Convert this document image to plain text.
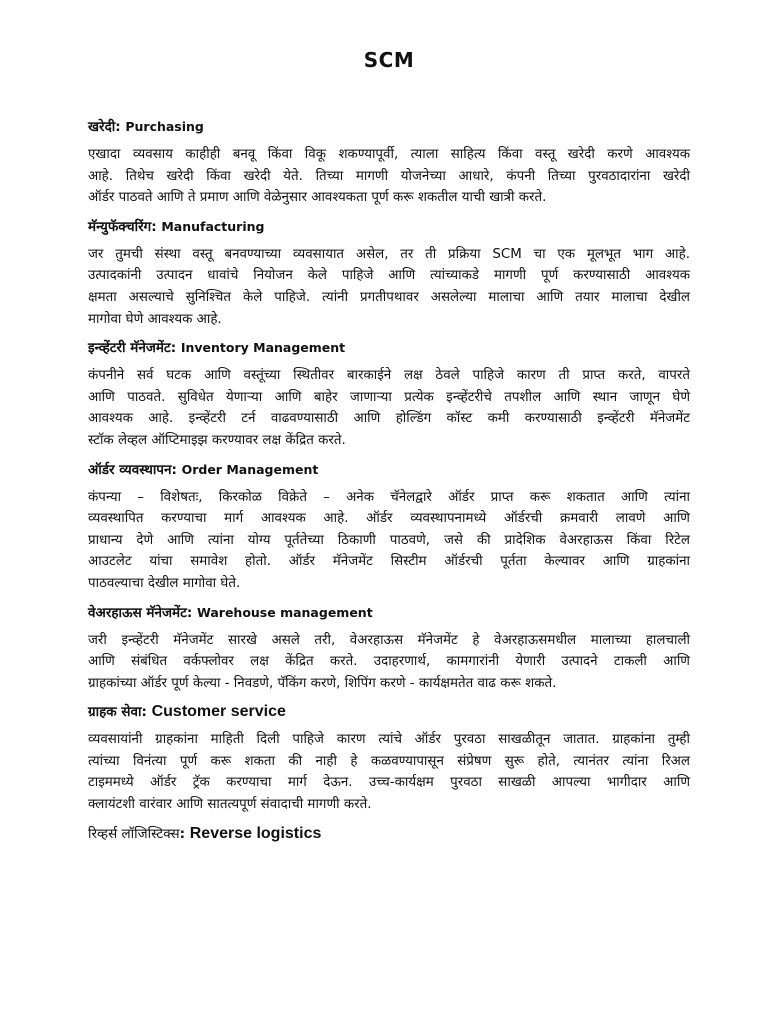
SCM
खरेदी: Purchasing
एखादा व्यवसाय काहीही बनवू किंवा विकू शकण्यापूर्वी, त्याला साहित्य किंवा वस्तू खरेदी करणे आवश्यक
आहे. तिथेच खरेदी किंवा खरेदी येते. तिच्या मागणी योजनेच्या आधारे, कंपनी तिच्या पुरवठादारांना खरेदी
ऑर्डर पाठवते आणि ते प्रमाण आणि वेळेनुसार आवश्यकता पूर्ण करू शकतील याची खात्री करते.
मॅन्युफॅक्चरिंग: Manufacturing
जर तुमची संस्था वस्तू बनवण्याच्या व्यवसायात असेल, तर ती प्रक्रिया SCM चा एक मूलभूत भाग आहे.
उत्पादकांनी उत्पादन धावांचे नियोजन केले पाहिजे आणि त्यांच्याकडे मागणी पूर्ण करण्यासाठी आवश्यक
क्षमता असल्याचे सुनिश्चित केले पाहिजे. त्यांनी प्रगतीपथावर असलेल्या मालाचा आणि तयार मालाचा देखील
मागोवा घेणे आवश्यक आहे.
इन्व्हेंटरी मॅनेजमेंट: Inventory Management
कंपनीने सर्व घटक आणि वस्तूंच्या स्थितीवर बारकाईने लक्ष ठेवले पाहिजे कारण ती प्राप्त करते, वापरते
आणि पाठवते. सुविधेत येणाऱ्या आणि बाहेर जाणाऱ्या प्रत्येक इन्व्हेंटरीचे तपशील आणि स्थान जाणून घेणे
आवश्यक आहे. इन्व्हेंटरी टर्न वाढवण्यासाठी आणि होल्डिंग कॉस्ट कमी करण्यासाठी इन्व्हेंटरी मॅनेजमेंट
स्टॉक लेव्हल ऑप्टिमाइझ करण्यावर लक्ष केंद्रित करते.
ऑर्डर व्यवस्थापन: Order Management
कंपन्या – विशेषतः, किरकोळ विक्रेते – अनेक चॅनेलद्वारे ऑर्डर प्राप्त करू शकतात आणि त्यांना
व्यवस्थापित करण्याचा मार्ग आवश्यक आहे. ऑर्डर व्यवस्थापनामध्ये ऑर्डरची क्रमवारी लावणे आणि
प्राधान्य देणे आणि त्यांना योग्य पूर्ततेच्या ठिकाणी पाठवणे, जसे की प्रादेशिक वेअरहाऊस किंवा रिटेल
आउटलेट यांचा समावेश होतो. ऑर्डर मॅनेजमेंट सिस्टीम ऑर्डरची पूर्तता केल्यावर आणि ग्राहकांना
पाठवल्याचा देखील मागोवा घेते.
वेअरहाऊस मॅनेजमेंट: Warehouse management
जरी इन्व्हेंटरी मॅनेजमेंट सारखे असले तरी, वेअरहाऊस मॅनेजमेंट हे वेअरहाऊसमधील मालाच्या हालचाली
आणि संबंधित वर्कफ्लोवर लक्ष केंद्रित करते. उदाहरणार्थ, कामगारांनी येणारी उत्पादने टाकली आणि
ग्राहकांच्या ऑर्डर पूर्ण केल्या - निवडणे, पॅकिंग करणे, शिपिंग करणे - कार्यक्षमतेत वाढ करू शकते.
ग्राहक सेवा: Customer service
व्यवसायांनी ग्राहकांना माहिती दिली पाहिजे कारण त्यांचे ऑर्डर पुरवठा साखळीतून जातात. ग्राहकांना तुम्ही
त्यांच्या विनंत्या पूर्ण करू शकता की नाही हे कळवण्यापासून संप्रेषण सुरू होते, त्यानंतर त्यांना रिअल
टाइममध्ये ऑर्डर ट्रॅक करण्याचा मार्ग देऊन. उच्च-कार्यक्षम पुरवठा साखळी आपल्या भागीदार आणि
क्लायंटशी वारंवार आणि सातत्यपूर्ण संवादाची मागणी करते.
रिव्हर्स लॉजिस्टिक्स: Reverse logistics
